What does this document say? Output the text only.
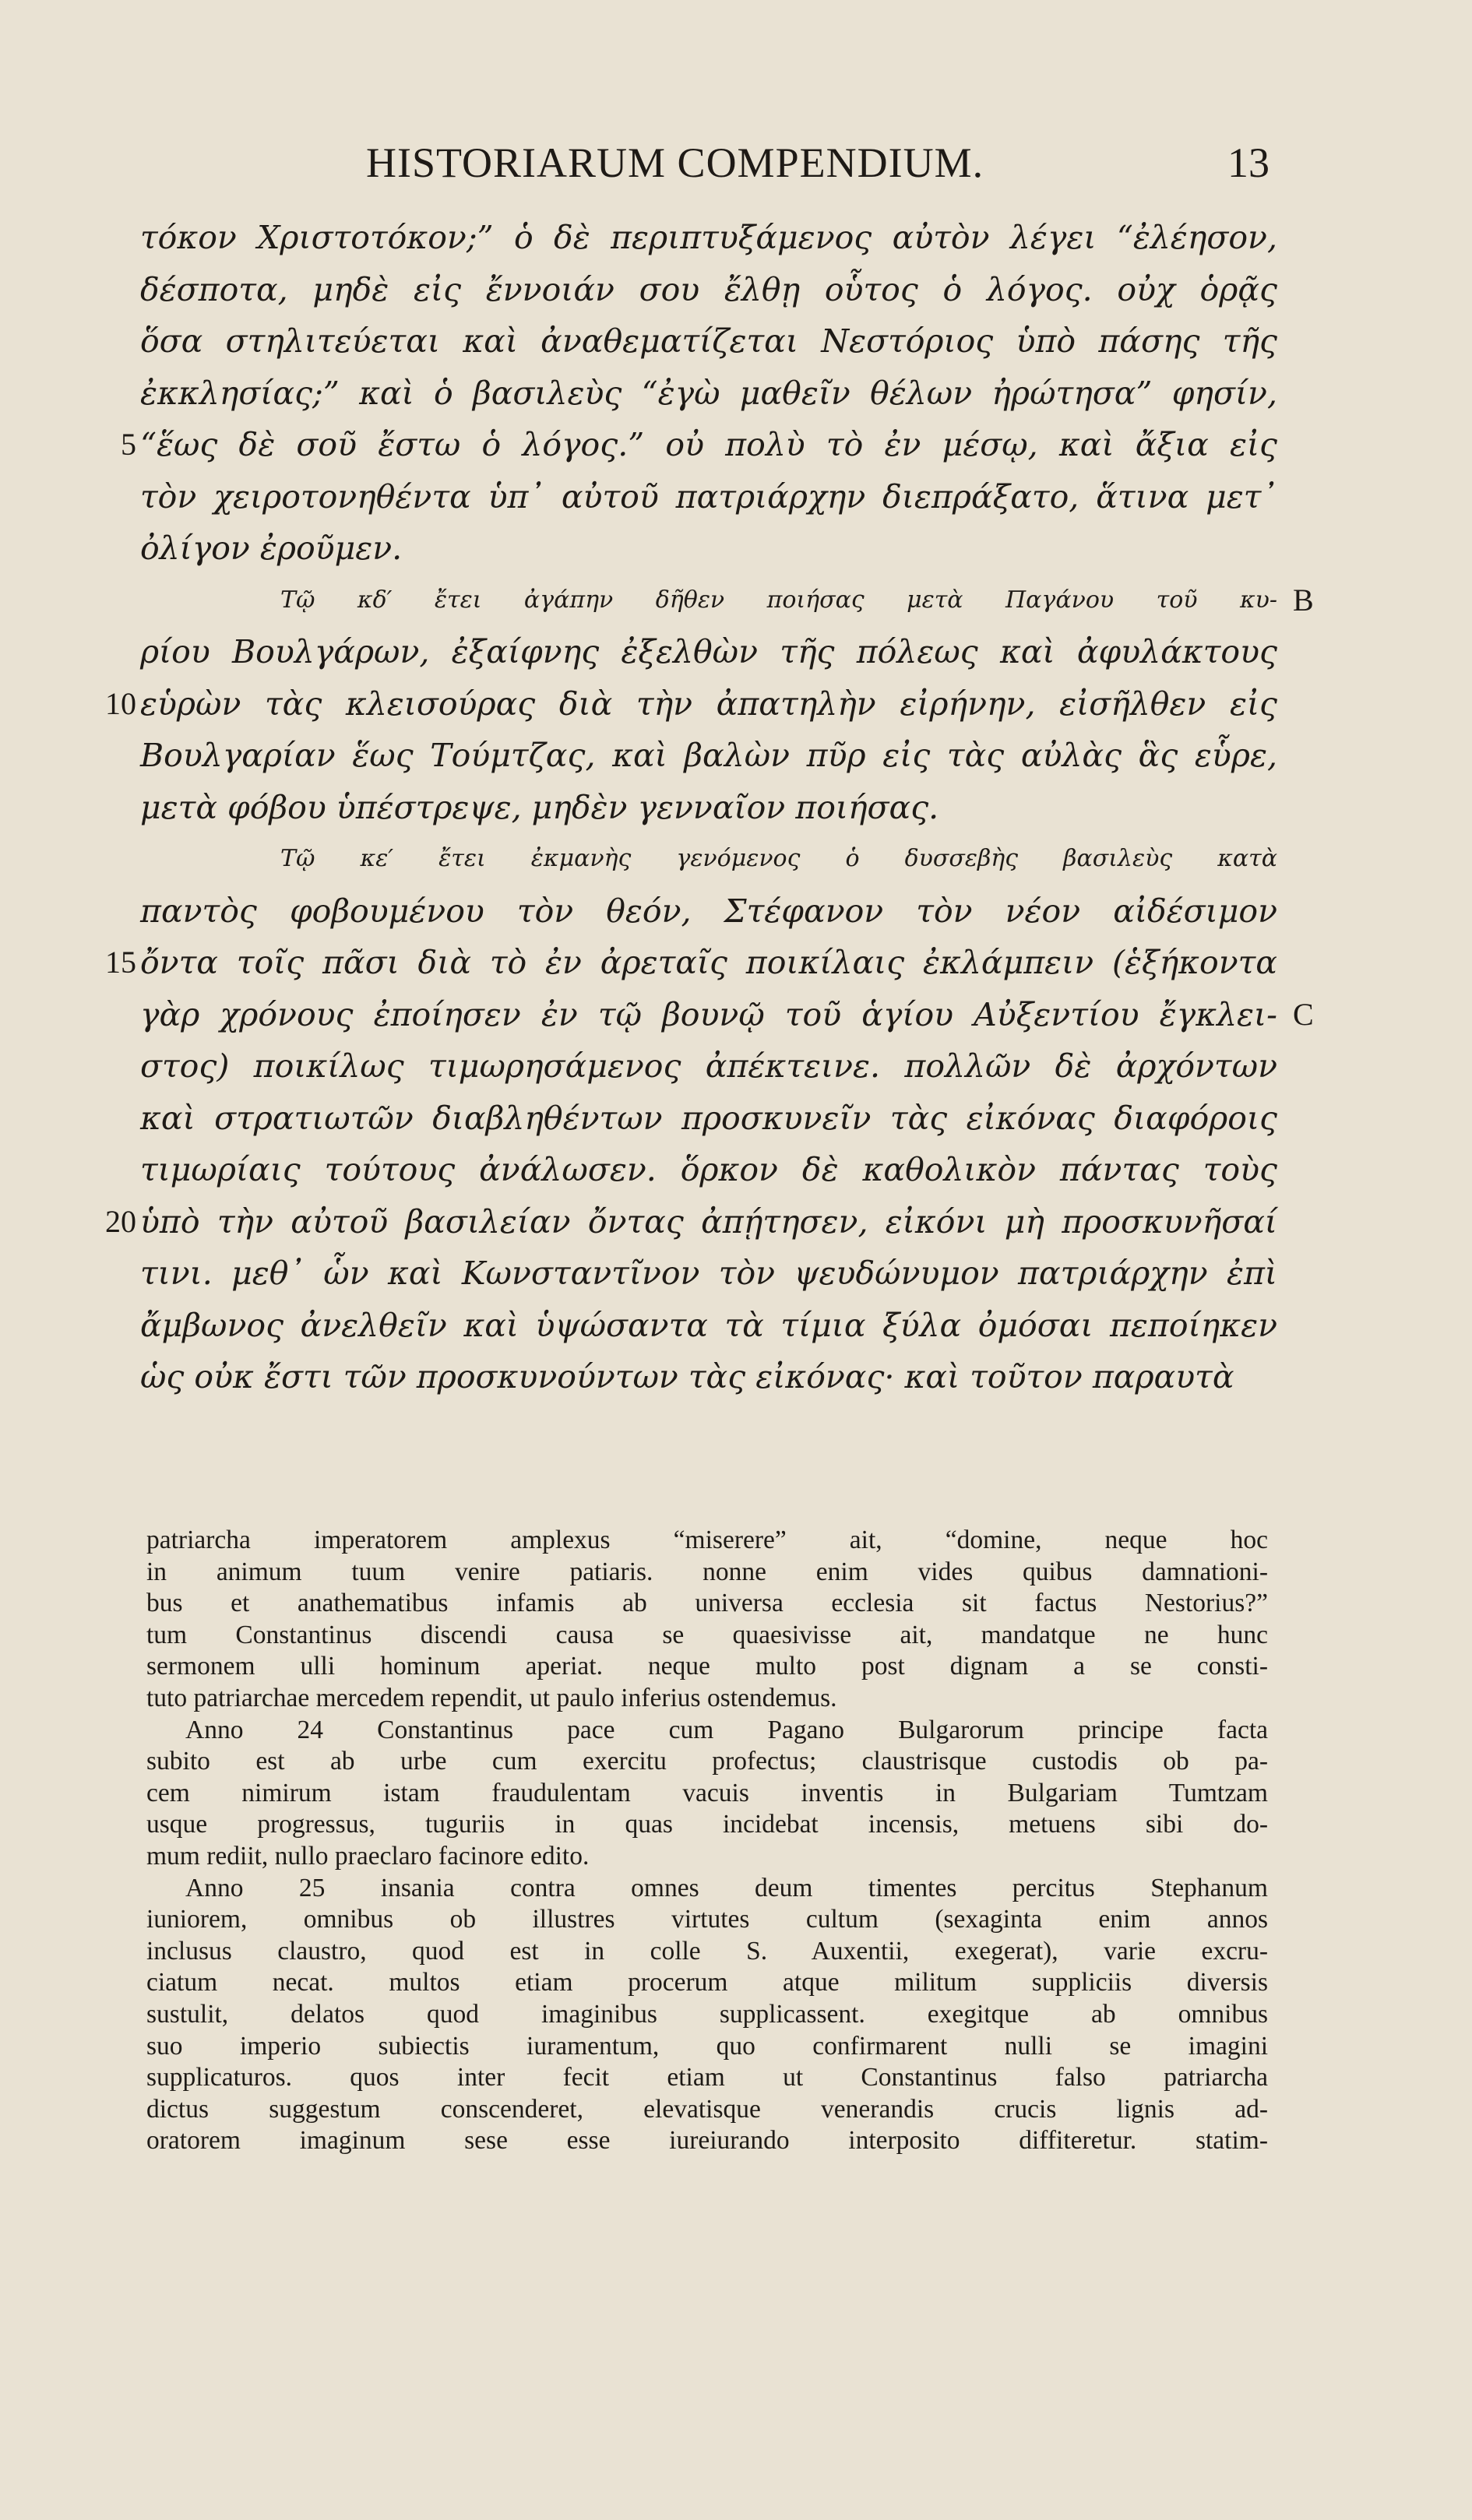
HISTORIARUM COMPENDIUM.	13
τόκον Χριστοτόκον;” ὁ δὲ περιπτυξάμενος αὐτὸν λέγει “ἐλέησον,
δέσποτα, μηδὲ εἰς ἔννοιάν σου ἔλθῃ οὗτος ὁ λόγος. οὐχ ὁρᾷς
ὅσα στηλιτεύεται καὶ ἀναθεματίζεται Νεστόριος ὑπὸ πάσης τῆς
ἐκκλησίας;” καὶ ὁ βασιλεὺς “ἐγὼ μαθεῖν θέλων ἠρώτησα” φησίν,
5 “ἕως δὲ σοῦ ἔστω ὁ λόγος.” οὐ πολὺ τὸ ἐν μέσῳ, καὶ ἄξια εἰς
τὸν χειροτονηθέντα ὑπ᾽ αὐτοῦ πατριάρχην διεπράξατο, ἅτινα μετ᾽
ὀλίγον ἐροῦμεν.
Τῷ κδ′ ἔτει ἀγάπην δῆθεν ποιήσας μετὰ Παγάνου τοῦ κυ- B
ρίου Βουλγάρων, ἐξαίφνης ἐξελθὼν τῆς πόλεως καὶ ἀφυλάκτους
10 εὑρὼν τὰς κλεισούρας διὰ τὴν ἀπατηλὴν εἰρήνην, εἰσῆλθεν εἰς
Βουλγαρίαν ἕως Τούμτζας, καὶ βαλὼν πῦρ εἰς τὰς αὐλὰς ἃς εὗρε,
μετὰ φόβου ὑπέστρεψε, μηδὲν γενναῖον ποιήσας.
Τῷ κε′ ἔτει ἐκμανὴς γενόμενος ὁ δυσσεβὴς βασιλεὺς κατὰ
παντὸς φοβουμένου τὸν θεόν, Στέφανον τὸν νέον αἰδέσιμον
15 ὄντα τοῖς πᾶσι διὰ τὸ ἐν ἀρεταῖς ποικίλαις ἐκλάμπειν (ἑξήκοντα
γὰρ χρόνους ἐποίησεν ἐν τῷ βουνῷ τοῦ ἁγίου Αὐξεντίου ἔγκλει- C
στος) ποικίλως τιμωρησάμενος ἀπέκτεινε. πολλῶν δὲ ἀρχόντων
καὶ στρατιωτῶν διαβληθέντων προσκυνεῖν τὰς εἰκόνας διαφόροις
τιμωρίαις τούτους ἀνάλωσεν. ὅρκον δὲ καθολικὸν πάντας τοὺς
20 ὑπὸ τὴν αὐτοῦ βασιλείαν ὄντας ἀπῄτησεν, εἰκόνι μὴ προσκυνῆσαί
τινι. μεθ᾽ ὧν καὶ Κωνσταντῖνον τὸν ψευδώνυμον πατριάρχην ἐπὶ
ἄμβωνος ἀνελθεῖν καὶ ὑψώσαντα τὰ τίμια ξύλα ὀμόσαι πεποίηκεν
ὡς οὐκ ἔστι τῶν προσκυνούντων τὰς εἰκόνας· καὶ τοῦτον παραυτὰ
patriarcha imperatorem amplexus “miserere” ait, “domine, neque hoc
in animum tuum venire patiaris. nonne enim vides quibus damnationi-
bus et anathematibus infamis ab universa ecclesia sit factus Nestorius?”
tum Constantinus discendi causa se quaesivisse ait, mandatque ne hunc
sermonem ulli hominum aperiat. neque multo post dignam a se consti-
tuto patriarchae mercedem rependit, ut paulo inferius ostendemus.
Anno 24 Constantinus pace cum Pagano Bulgarorum principe facta
subito est ab urbe cum exercitu profectus; claustrisque custodis ob pa-
cem nimirum istam fraudulentam vacuis inventis in Bulgariam Tumtzam
usque progressus, tuguriis in quas incidebat incensis, metuens sibi do-
mum rediit, nullo praeclaro facinore edito.
Anno 25 insania contra omnes deum timentes percitus Stephanum
iuniorem, omnibus ob illustres virtutes cultum (sexaginta enim annos
inclusus claustro, quod est in colle S. Auxentii, exegerat), varie excru-
ciatum necat. multos etiam procerum atque militum suppliciis diversis
sustulit, delatos quod imaginibus supplicassent. exegitque ab omnibus
suo imperio subiectis iuramentum, quo confirmarent nulli se imagini
supplicaturos. quos inter fecit etiam ut Constantinus falso patriarcha
dictus suggestum conscenderet, elevatisque venerandis crucis lignis ad-
oratorem imaginum sese esse iureiurando interposito diffiteretur. statim-
